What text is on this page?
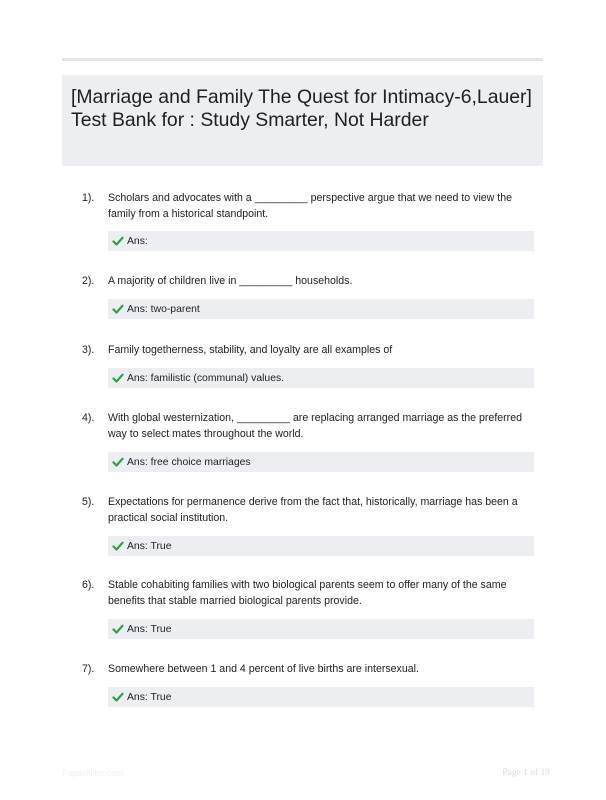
[Marriage and Family The Quest for Intimacy-6,Lauer] Test Bank for : Study Smarter, Not Harder
1). Scholars and advocates with a _________ perspective argue that we need to view the family from a historical standpoint.
Ans:
2). A majority of children live in _________ households.
Ans: two-parent
3). Family togetherness, stability, and loyalty are all examples of
Ans: familistic (communal) values.
4). With global westernization, _________ are replacing arranged marriage as the preferred way to select mates throughout the world.
Ans: free choice marriages
5). Expectations for permanence derive from the fact that, historically, marriage has been a practical social institution.
Ans: True
6). Stable cohabiting families with two biological parents seem to offer many of the same benefits that stable married biological parents provide.
Ans: True
7). Somewhere between 1 and 4 percent of live births are intersexual.
Ans: True
PaperNibs.com	Page 1 of 19
